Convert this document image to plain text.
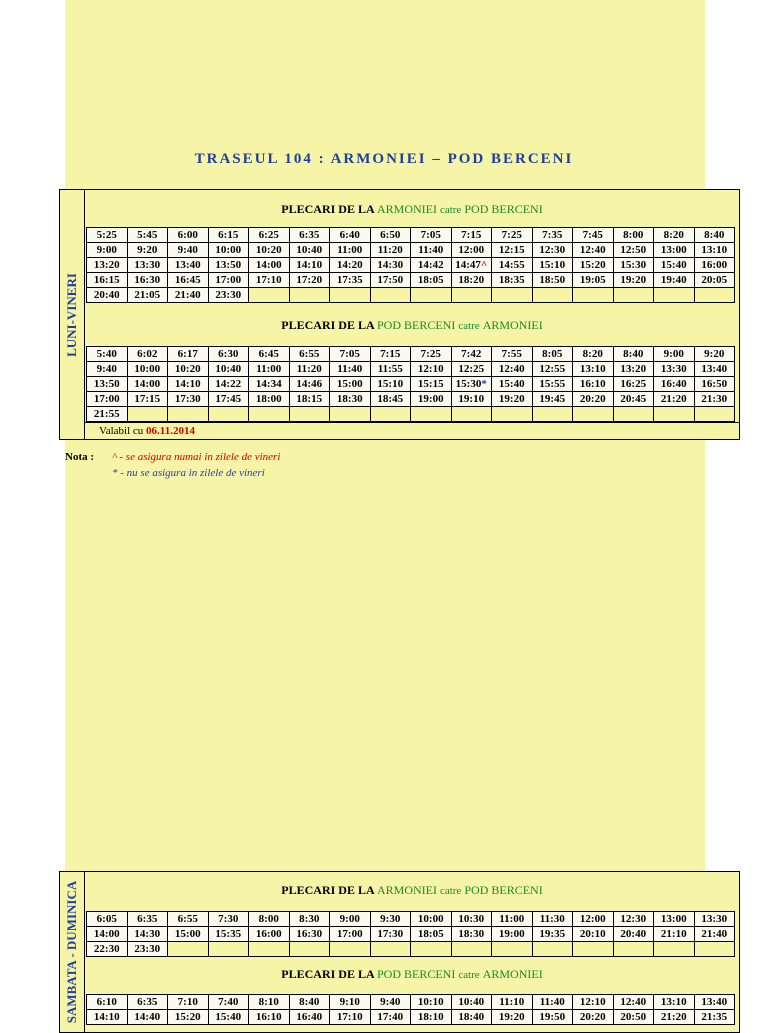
TRASEUL 104 : ARMONIEI – POD BERCENI
LUNI-VINERI
PLECARI DE LA ARMONIEI catre POD BERCENI
5:25	5:45	6:00	6:15	6:25	6:35	6:40	6:50	7:05	7:15	7:25	7:35	7:45	8:00	8:20	8:40
9:00	9:20	9:40	10:00	10:20	10:40	11:00	11:20	11:40	12:00	12:15	12:30	12:40	12:50	13:00	13:10
13:20	13:30	13:40	13:50	14:00	14:10	14:20	14:30	14:42	14:47^	14:55	15:10	15:20	15:30	15:40	16:00
16:15	16:30	16:45	17:00	17:10	17:20	17:35	17:50	18:05	18:20	18:35	18:50	19:05	19:20	19:40	20:05
20:40	21:05	21:40	23:30												
PLECARI DE LA POD BERCENI catre ARMONIEI
5:40	6:02	6:17	6:30	6:45	6:55	7:05	7:15	7:25	7:42	7:55	8:05	8:20	8:40	9:00	9:20
9:40	10:00	10:20	10:40	11:00	11:20	11:40	11:55	12:10	12:25	12:40	12:55	13:10	13:20	13:30	13:40
13:50	14:00	14:10	14:22	14:34	14:46	15:00	15:10	15:15	15:30*	15:40	15:55	16:10	16:25	16:40	16:50
17:00	17:15	17:30	17:45	18:00	18:15	18:30	18:45	19:00	19:10	19:20	19:45	20:20	20:45	21:20	21:30
21:55															
Valabil cu 06.11.2014
Nota : ^ - se asigura numai in zilele de vineri
* - nu se asigura in zilele de vineri
SAMBATA - DUMINICA	PLECARI DE LA ARMONIEI catre POD BERCENI
6:05	6:35	6:55	7:30	8:00	8:30	9:00	9:30	10:00	10:30	11:00	11:30	12:00	12:30	13:00	13:30
14:00	14:30	15:00	15:35	16:00	16:30	17:00	17:30	18:05	18:30	19:00	19:35	20:10	20:40	21:10	21:40
22:30	23:30														
PLECARI DE LA POD BERCENI catre ARMONIEI
6:10	6:35	7:10	7:40	8:10	8:40	9:10	9:40	10:10	10:40	11:10	11:40	12:10	12:40	13:10	13:40
14:10	14:40	15:20	15:40	16:10	16:40	17:10	17:40	18:10	18:40	19:20	19:50	20:20	20:50	21:20	21:35
